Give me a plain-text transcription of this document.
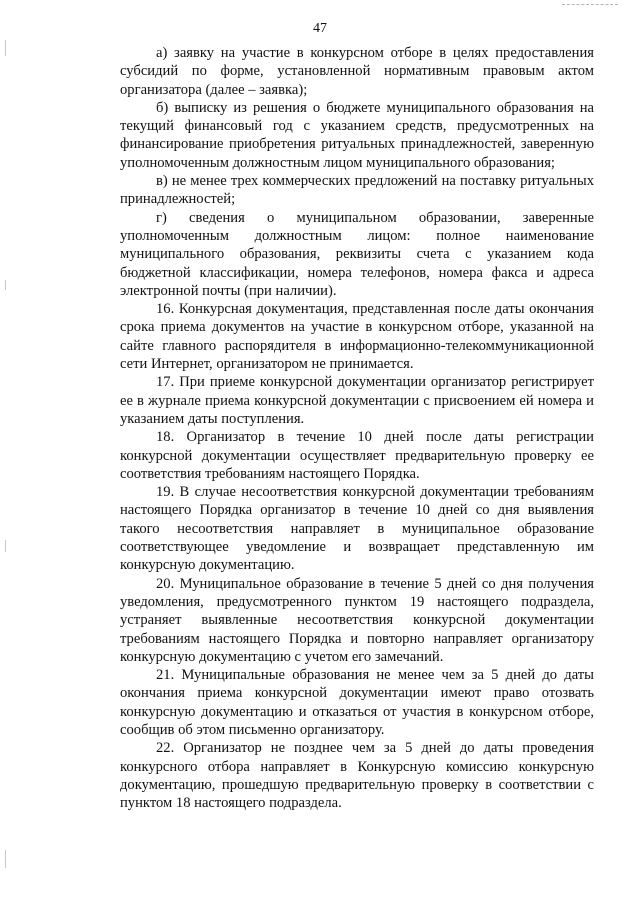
47

а) заявку на участие в конкурсном отборе в целях предоставления субсидий по форме, установленной нормативным правовым актом организатора (далее – заявка);

б) выписку из решения о бюджете муниципального образования на текущий финансовый год с указанием средств, предусмотренных на финансирование приобретения ритуальных принадлежностей, заверенную уполномоченным должностным лицом муниципального образования;

в) не менее трех коммерческих предложений на поставку ритуальных принадлежностей;

г) сведения о муниципальном образовании, заверенные уполномоченным должностным лицом: полное наименование муниципального образования, реквизиты счета с указанием кода бюджетной классификации, номера телефонов, номера факса и адреса электронной почты (при наличии).

16. Конкурсная документация, представленная после даты окончания срока приема документов на участие в конкурсном отборе, указанной на сайте главного распорядителя в информационно-телекоммуникационной сети Интернет, организатором не принимается.

17. При приеме конкурсной документации организатор регистрирует ее в журнале приема конкурсной документации с присвоением ей номера и указанием даты поступления.

18. Организатор в течение 10 дней после даты регистрации конкурсной документации осуществляет предварительную проверку ее соответствия требованиям настоящего Порядка.

19. В случае несоответствия конкурсной документации требованиям настоящего Порядка организатор в течение 10 дней со дня выявления такого несоответствия направляет в муниципальное образование соответствующее уведомление и возвращает представленную им конкурсную документацию.

20. Муниципальное образование в течение 5 дней со дня получения уведомления, предусмотренного пунктом 19 настоящего подраздела, устраняет выявленные несоответствия конкурсной документации требованиям настоящего Порядка и повторно направляет организатору конкурсную документацию с учетом его замечаний.

21. Муниципальные образования не менее чем за 5 дней до даты окончания приема конкурсной документации имеют право отозвать конкурсную документацию и отказаться от участия в конкурсном отборе, сообщив об этом письменно организатору.

22. Организатор не позднее чем за 5 дней до даты проведения конкурсного отбора направляет в Конкурсную комиссию конкурсную документацию, прошедшую предварительную проверку в соответствии с пунктом 18 настоящего подраздела.
